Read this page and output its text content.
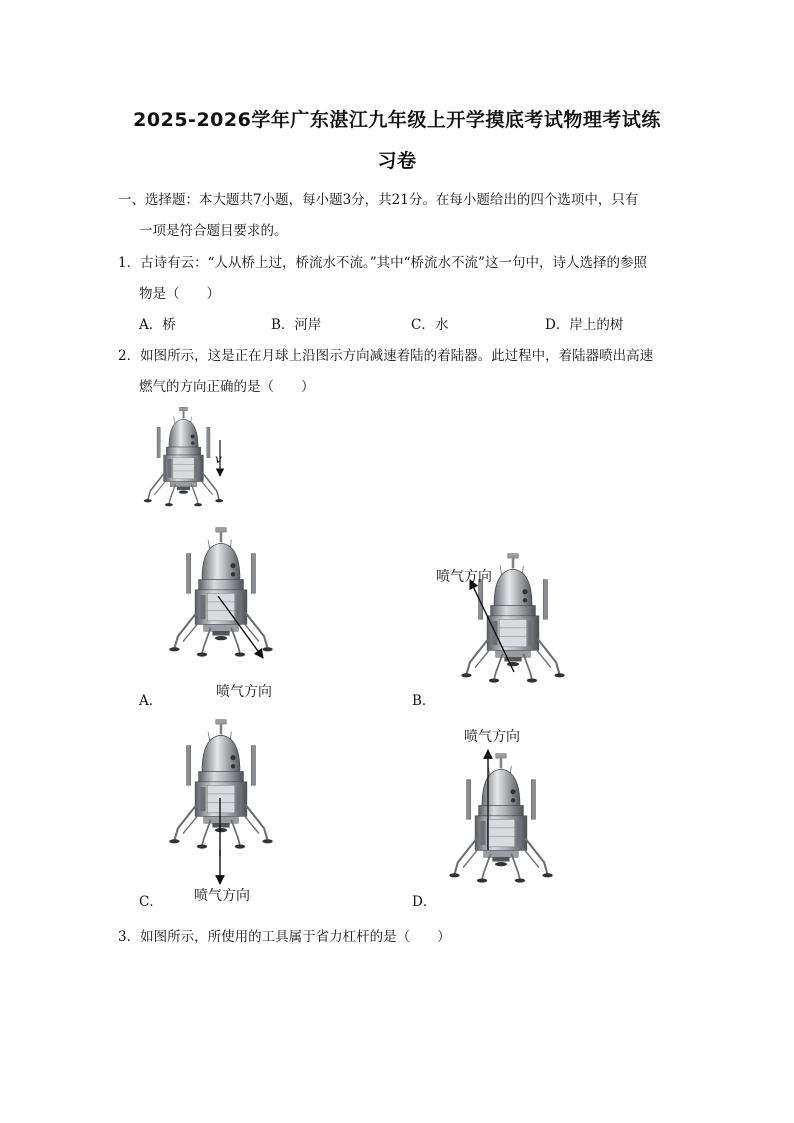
2025-2026学年广东湛江九年级上开学摸底考试物理考试练
习卷
一、选择题：本大题共7小题，每小题3分，共21分。在每小题给出的四个选项中，只有
一项是符合题目要求的。
1．古诗有云：“人从桥上过，桥流水不流。”其中“桥流水不流”这一句中，诗人选择的参照
物是（　　）
A．桥	B．河岸	C．水	D．岸上的树
2．如图所示，这是正在月球上沿图示方向减速着陆的着陆器。此过程中，着陆器喷出高速
燃气的方向正确的是（　　）
v
喷气方向
A．
喷气方向
B．
喷气方向
C．
喷气方向
D．
3．如图所示，所使用的工具属于省力杠杆的是（　　）
